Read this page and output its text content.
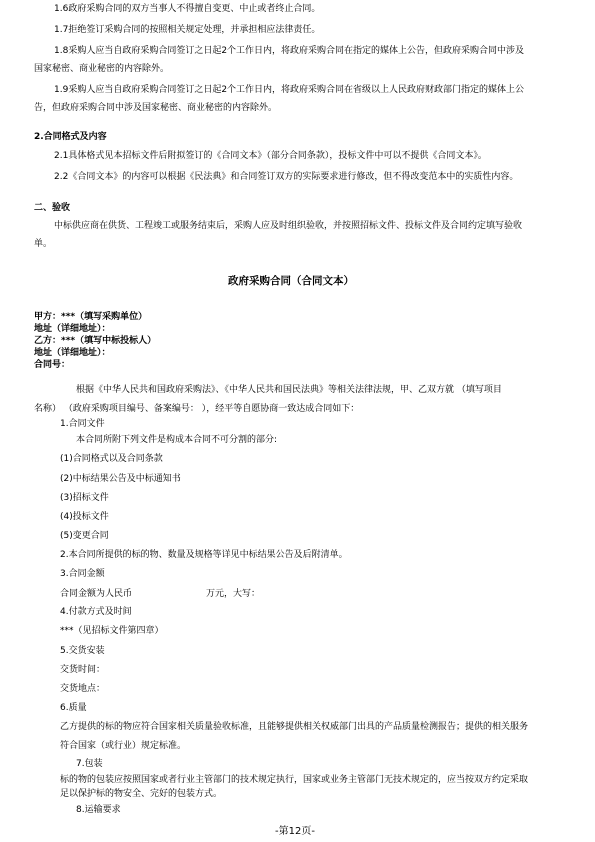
1.6政府采购合同的双方当事人不得擅自变更、中止或者终止合同。
1.7拒绝签订采购合同的按照相关规定处理，并承担相应法律责任。
1.8采购人应当自政府采购合同签订之日起2个工作日内，将政府采购合同在指定的媒体上公告，但政府采购合同中涉及
国家秘密、商业秘密的内容除外。
1.9采购人应当自政府采购合同签订之日起2个工作日内，将政府采购合同在省级以上人民政府财政部门指定的媒体上公
告，但政府采购合同中涉及国家秘密、商业秘密的内容除外。
2.合同格式及内容
2.1具体格式见本招标文件后附拟签订的《合同文本》（部分合同条款），投标文件中可以不提供《合同文本》。
2.2《合同文本》的内容可以根据《民法典》和合同签订双方的实际要求进行修改，但不得改变范本中的实质性内容。
二、验收
中标供应商在供货、工程竣工或服务结束后，采购人应及时组织验收，并按照招标文件、投标文件及合同约定填写验收
单。
政府采购合同（合同文本）
甲方：***（填写采购单位）
地址（详细地址）：
乙方：***（填写中标投标人）
地址（详细地址）：
合同号：
根据《中华人民共和国政府采购法》、《中华人民共和国民法典》等相关法律法规，甲、乙双方就 （填写项目
名称） （政府采购项目编号、备案编号： ），经平等自愿协商一致达成合同如下：
1.合同文件
本合同所附下列文件是构成本合同不可分割的部分:
(1)合同格式以及合同条款
(2)中标结果公告及中标通知书
(3)招标文件
(4)投标文件
(5)变更合同
2.本合同所提供的标的物、数量及规格等详见中标结果公告及后附清单。
3.合同金额
合同金额为人民币	万元，大写：
4.付款方式及时间
***（见招标文件第四章）
5.交货安装
交货时间：
交货地点：
6.质量
乙方提供的标的物应符合国家相关质量验收标准，且能够提供相关权威部门出具的产品质量检测报告；提供的相关服务
符合国家（或行业）规定标准。
7.包装
标的物的包装应按照国家或者行业主管部门的技术规定执行，国家或业务主管部门无技术规定的，应当按双方约定采取
足以保护标的物安全、完好的包装方式。
8.运输要求
-第12页-
